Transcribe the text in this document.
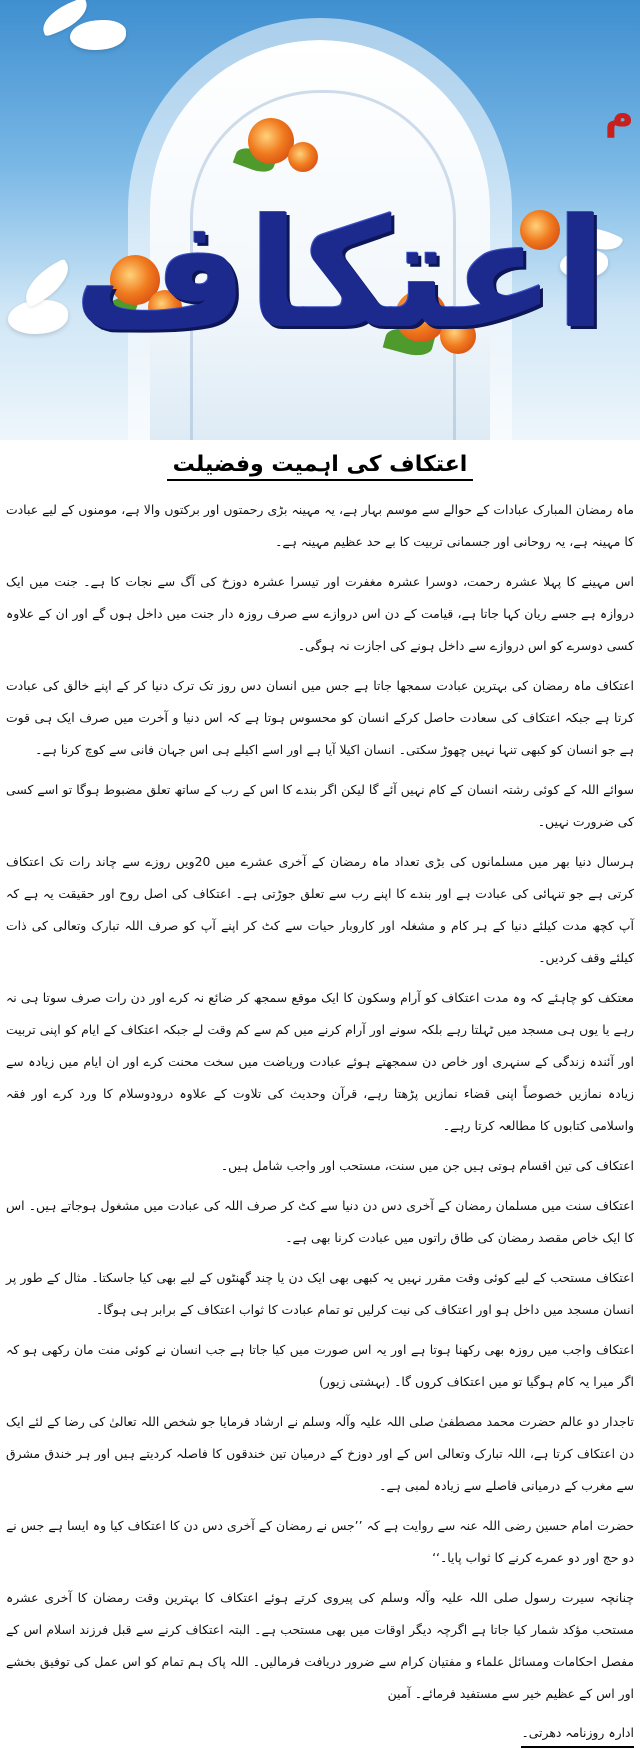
اعتکاف
م
اعتکاف کی اہمیت وفضیلت

ماہ رمضان المبارک عبادات کے حوالے سے موسم بہار ہے، یہ مہینہ بڑی رحمتوں اور برکتوں والا ہے، مومنوں کے لیے عبادت کا مہینہ ہے، یہ روحانی اور جسمانی تربیت کا بے حد عظیم مہینہ ہے۔

اس مہینے کا پہلا عشرہ رحمت، دوسرا عشرہ مغفرت اور تیسرا عشرہ دوزخ کی آگ سے نجات کا ہے۔ جنت میں ایک دروازہ ہے جسے ریان کہا جاتا ہے، قیامت کے دن اس دروازے سے صرف روزہ دار جنت میں داخل ہوں گے اور ان کے علاوہ کسی دوسرے کو اس دروازے سے داخل ہونے کی اجازت نہ ہوگی۔

اعتکاف ماہ رمضان کی بہترین عبادت سمجھا جاتا ہے جس میں انسان دس روز تک ترک دنیا کر کے اپنے خالق کی عبادت کرتا ہے جبکہ اعتکاف کی سعادت حاصل کرکے انسان کو محسوس ہوتا ہے کہ اس دنیا و آخرت میں صرف ایک ہی قوت ہے جو انسان کو کبھی تنہا نہیں چھوڑ سکتی۔ انسان اکیلا آیا ہے اور اسے اکیلے ہی اس جہان فانی سے کوچ کرنا ہے۔

سوائے اللہ کے کوئی رشتہ انسان کے کام نہیں آئے گا لیکن اگر بندے کا اس کے رب کے ساتھ تعلق مضبوط ہوگا تو اسے کسی کی ضرورت نہیں۔

ہرسال دنیا بھر میں مسلمانوں کی بڑی تعداد ماہ رمضان کے آخری عشرے میں 20ویں روزے سے چاند رات تک اعتکاف کرتی ہے جو تنہائی کی عبادت ہے اور بندے کا اپنے رب سے تعلق جوڑتی ہے۔ اعتکاف کی اصل روح اور حقیقت یہ ہے کہ آپ کچھ مدت کیلئے دنیا کے ہر کام و مشغلہ اور کاروبار حیات سے کٹ کر اپنے آپ کو صرف اللہ تبارک وتعالی کی ذات کیلئے وقف کردیں۔

معتکف کو چاہئے کہ وہ مدت اعتکاف کو آرام وسکون کا ایک موقع سمجھ کر ضائع نہ کرے اور دن رات صرف سوتا ہی نہ رہے یا یوں ہی مسجد میں ٹہلتا رہے بلکہ سونے اور آرام کرنے میں کم سے کم وقت لے جبکہ اعتکاف کے ایام کو اپنی تربیت اور آئندہ زندگی کے سنہری اور خاص دن سمجھتے ہوئے عبادت وریاضت میں سخت محنت کرے اور ان ایام میں زیادہ سے زیادہ نمازیں خصوصاً اپنی قضاء نمازیں پڑھتا رہے، قرآن وحدیث کی تلاوت کے علاوہ درودوسلام کا ورد کرے اور فقہ واسلامی کتابوں کا مطالعہ کرتا رہے۔

اعتکاف کی تین اقسام ہوتی ہیں جن میں سنت، مستحب اور واجب شامل ہیں۔

اعتکاف سنت میں مسلمان رمضان کے آخری دس دن دنیا سے کٹ کر صرف اللہ کی عبادت میں مشغول ہوجاتے ہیں۔ اس کا ایک خاص مقصد رمضان کی طاق راتوں میں عبادت کرنا بھی ہے۔

اعتکاف مستحب کے لیے کوئی وقت مقرر نہیں یہ کبھی بھی ایک دن یا چند گھنٹوں کے لیے بھی کیا جاسکتا۔ مثال کے طور پر انسان مسجد میں داخل ہو اور اعتکاف کی نیت کرلیں تو تمام عبادت کا ثواب اعتکاف کے برابر ہی ہوگا۔

اعتکاف واجب میں روزہ بھی رکھنا ہوتا ہے اور یہ اس صورت میں کیا جاتا ہے جب انسان نے کوئی منت مان رکھی ہو کہ اگر میرا یہ کام ہوگیا تو میں اعتکاف کروں گا۔ (بہشتی زیور)

تاجدار دو عالم حضرت محمد مصطفیٰ صلی اللہ علیہ وآلہ وسلم نے ارشاد فرمایا جو شخص اللہ تعالیٰ کی رضا کے لئے ایک دن اعتکاف کرتا ہے، اللہ تبارک وتعالی اس کے اور دوزخ کے درمیان تین خندقوں کا فاصلہ کردیتے ہیں اور ہر خندق مشرق سے مغرب کے درمیانی فاصلے سے زیادہ لمبی ہے۔

حضرت امام حسین رضی اللہ عنہ سے روایت ہے کہ ’’جس نے رمضان کے آخری دس دن کا اعتکاف کیا وہ ایسا ہے جس نے دو حج اور دو عمرے کرنے کا ثواب پایا۔‘‘

چنانچہ سیرت رسول صلی اللہ علیہ وآلہ وسلم کی پیروی کرتے ہوئے اعتکاف کا بہترین وقت رمضان کا آخری عشرہ مستحب مؤکد شمار کیا جاتا ہے اگرچہ دیگر اوقات میں بھی مستحب ہے۔ البتہ اعتکاف کرنے سے قبل فرزند اسلام اس کے مفصل احکامات ومسائل علماء و مفتیان کرام سے ضرور دریافت فرمالیں۔ اللہ پاک ہم تمام کو اس عمل کی توفیق بخشے اور اس کے عظیم خیر سے مستفید فرمائے۔ آمین

ادارہ روزنامہ دھرتی۔
